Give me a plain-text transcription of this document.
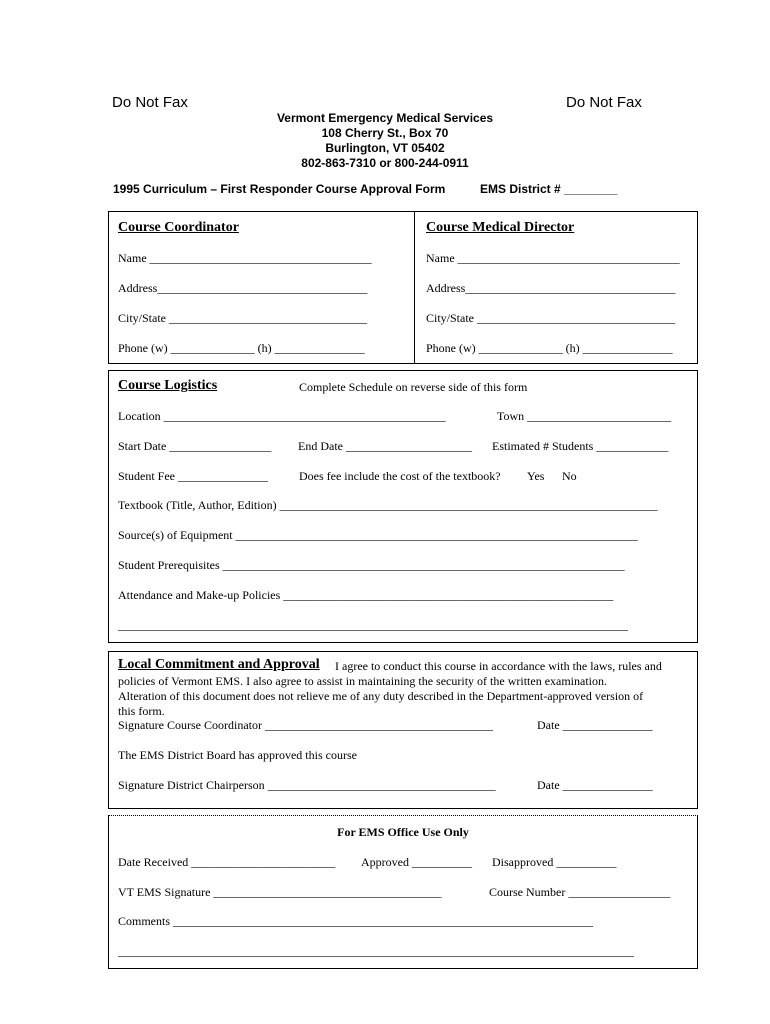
Do Not Fax	Do Not Fax
Vermont Emergency Medical Services
108 Cherry St., Box 70
Burlington, VT 05402
802-863-7310 or 800-244-0911
1995 Curriculum – First Responder Course Approval Form	EMS District # ________
Course Coordinator
Name _____________________________________
Address___________________________________
City/State _________________________________
Phone (w) ______________ (h) _______________
Course Medical Director
Name _____________________________________
Address___________________________________
City/State _________________________________
Phone (w) ______________ (h) _______________
Course Logistics	Complete Schedule on reverse side of this form
Location _______________________________________________	Town ________________________
Start Date _________________ End Date _____________________ Estimated # Students ____________
Student Fee _______________	Does fee include the cost of the textbook? Yes No
Textbook (Title, Author, Edition) _______________________________________________________________
Source(s) of Equipment ___________________________________________________________________
Student Prerequisites ___________________________________________________________________
Attendance and Make-up Policies _______________________________________________________
_____________________________________________________________________________________
Local Commitment and Approval I agree to conduct this course in accordance with the laws, rules and
policies of Vermont EMS. I also agree to assist in maintaining the security of the written examination.
Alteration of this document does not relieve me of any duty described in the Department-approved version of
this form.
Signature Course Coordinator ______________________________________	Date _______________
The EMS District Board has approved this course
Signature District Chairperson ______________________________________	Date _______________
For EMS Office Use Only
Date Received ________________________ Approved __________ Disapproved __________
VT EMS Signature ______________________________________	Course Number _________________
Comments ______________________________________________________________________
______________________________________________________________________________________
